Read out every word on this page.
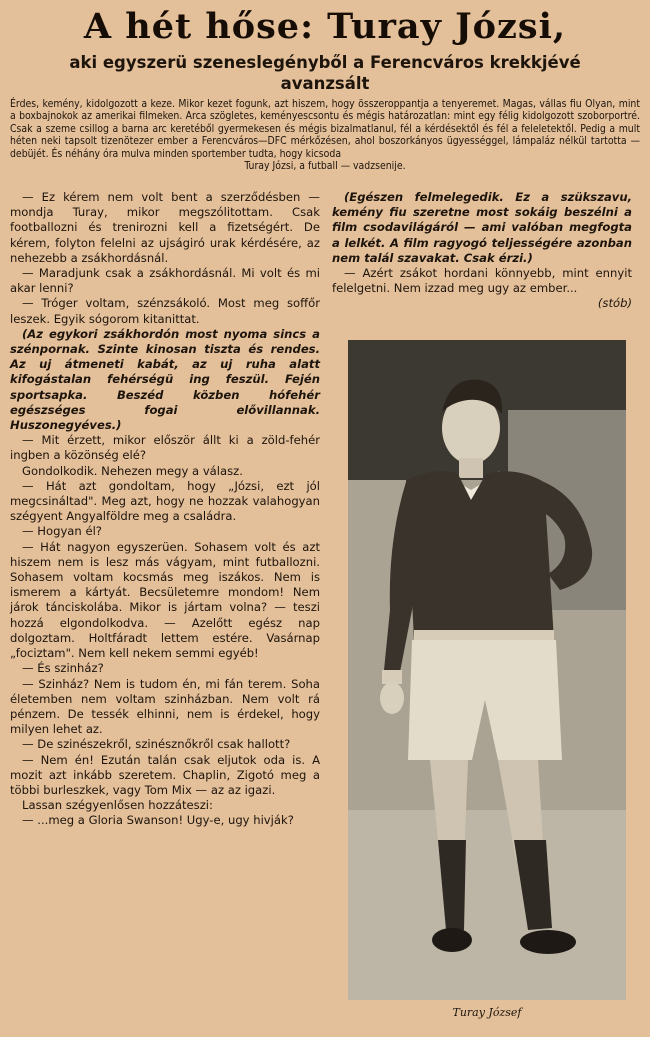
A hét hőse: Turay Józsi,
aki egyszerü szeneslegényből a Ferencváros krekkjévé avanzsált

Érdes, kemény, kidolgozott a keze. Mikor kezet fogunk, azt hiszem, hogy összeroppantja a tenyeremet. Magas, vállas fiu Olyan, mint a boxbajnokok az amerikai filmeken. Arca szögletes, keményescsontu és mégis határozatlan: mint egy félig kidolgozott szoborportré. Csak a szeme csillog a barna arc keretéből gyermekesen és mégis bizalmatlanul, fél a kérdésektől és fél a feleletektől. Pedig a mult héten neki tapsolt tizenötezer ember a Ferencváros—DFC mérkőzésen, ahol boszorkányos ügyességgel, lámpaláz nélkül tartotta — debüjét. És néhány óra mulva minden sportember tudta, hogy kicsoda

Turay Józsi, a futball — vadzsenije.

— Ez kérem nem volt bent a szerződésben — mondja Turay, mikor megszólitottam. Csak footballozni és trenirozni kell a fizetségért. De kérem, folyton felelni az ujságiró urak kérdésére, az nehezebb a zsákhordásnál.

— Maradjunk csak a zsákhordásnál. Mi volt és mi akar lenni?

— Tróger voltam, szénzsákoló. Most meg soffőr leszek. Egyik sógorom kitanittat.

(Az egykori zsákhordón most nyoma sincs a szénpornak. Szinte kinosan tiszta és rendes. Az uj átmeneti kabát, az uj ruha alatt kifogástalan fehérségü ing feszül. Fején sportsapka. Beszéd közben hófehér egészséges fogai elővillannak. Huszonegyéves.)

— Mit érzett, mikor először állt ki a zöld-fehér ingben a közönség elé?

Gondolkodik. Nehezen megy a válasz.

— Hát azt gondoltam, hogy „Józsi, ezt jól megcsináltad". Meg azt, hogy ne hozzak valahogyan szégyent Angyalföldre meg a családra.

— Hogyan él?

— Hát nagyon egyszerüen. Sohasem volt és azt hiszem nem is lesz más vágyam, mint futballozni. Sohasem voltam kocsmás meg iszákos. Nem is ismerem a kártyát. Becsületemre mondom! Nem járok tánciskolába. Mikor is jártam volna? — teszi hozzá elgondolkodva. — Azelőtt egész nap dolgoztam. Holtfáradt lettem estére. Vasárnap „fociztam". Nem kell nekem semmi egyéb!

— És szinház?

— Szinház? Nem is tudom én, mi fán terem. Soha életemben nem voltam szinházban. Nem volt rá pénzem. De tessék elhinni, nem is érdekel, hogy milyen lehet az.

— De szinészekről, szinésznőkről csak hallott?

— Nem én! Ezután talán csak eljutok oda is. A mozit azt inkább szeretem. Chaplin, Zigotó meg a többi burleszkek, vagy Tom Mix — az az igazi.

Lassan szégyenlősen hozzáteszi:

— ...meg a Gloria Swanson! Ugy-e, ugy hivják?

(Egészen felmelegedik. Ez a szükszavu, kemény fiu szeretne most sokáig beszélni a film csodavilágáról — ami valóban megfogta a lelkét. A film ragyogó teljességére azonban nem talál szavakat. Csak érzi.)

— Azért zsákot hordani könnyebb, mint ennyit felelgetni. Nem izzad meg ugy az ember...

(stób)
Turay József
